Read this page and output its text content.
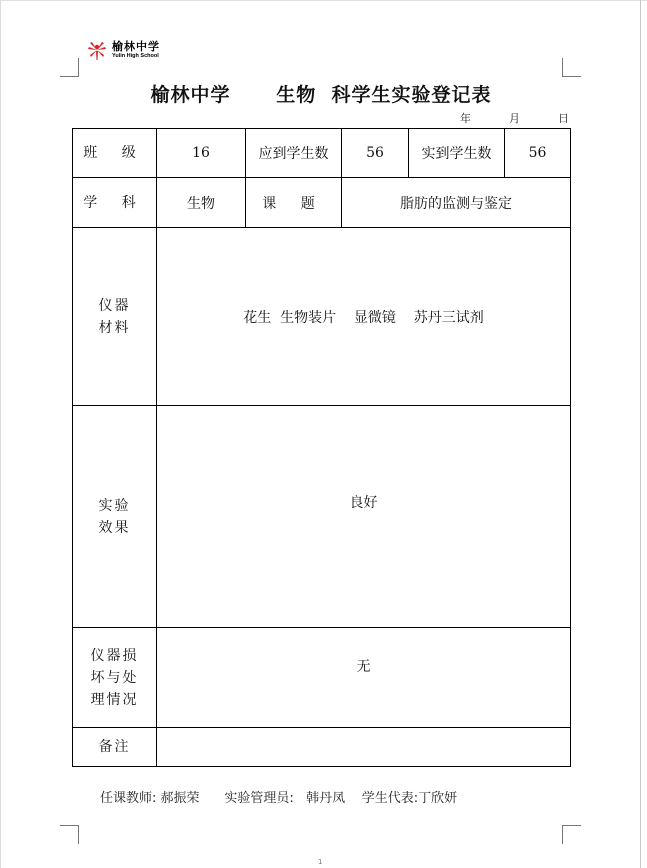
榆林中学
Yulin High School
榆林中学 生物 科学生实验登记表
年	月	日
班 级	16	应到学生数	56	实到学生数	56
学 科	生物	课 题	脂肪的监测与鉴定		

仪器
材料	花生  生物装片    显微镜    苏丹三试剂				

实验
效果	良好				

仪器损
坏与处
理情况	无				
备注					
任课教师: 郝振荣 实验管理员: 韩丹凤 学生代表:丁欣妍
1
